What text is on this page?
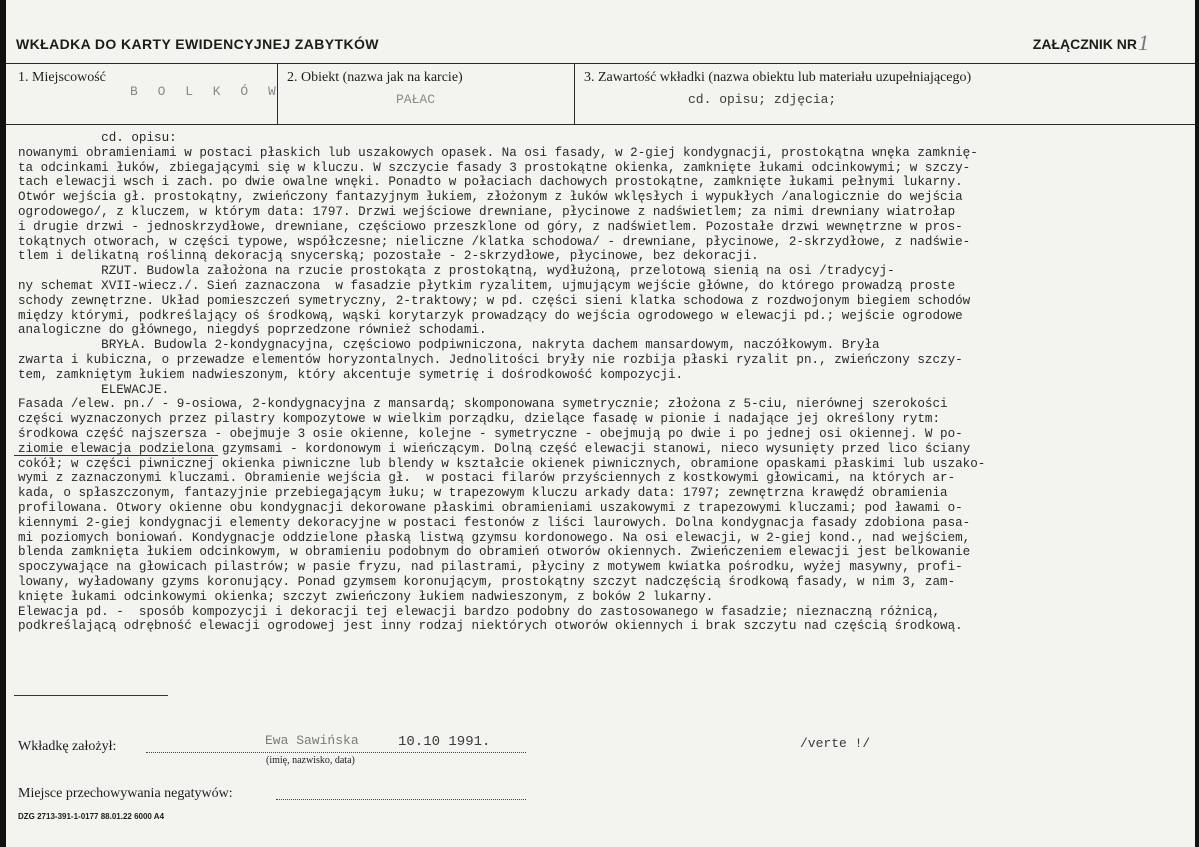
WKŁADKA DO KARTY EWIDENCYJNEJ ZABYTKÓW	ZAŁĄCZNIK NR 1
1. Miejscowość
B O L K Ó W
2. Obiekt (nazwa jak na karcie)
PAŁAC
3. Zawartość wkładki (nazwa obiektu lub materiału uzupełniającego)
cd. opisu; zdjęcia;
cd. opisu:
nowanymi obramieniami w postaci płaskich lub uszakowych opasek. Na osi fasady, w 2-giej kondygnacji, prostokątna wnęka zamknię-
ta odcinkami łuków, zbiegającymi się w kluczu. W szczycie fasady 3 prostokątne okienka, zamknięte łukami odcinkowymi; w szczy-
tach elewacji wsch i zach. po dwie owalne wnęki. Ponadto w połaciach dachowych prostokątne, zamknięte łukami pełnymi lukarny.
Otwór wejścia gł. prostokątny, zwieńczony fantazyjnym łukiem, złożonym z łuków wklęsłych i wypukłych /analogicznie do wejścia
ogrodowego/, z kluczem, w którym data: 1797. Drzwi wejściowe drewniane, płycinowe z nadświetlem; za nimi drewniany wiatrołap
i drugie drzwi - jednoskrzydłowe, drewniane, częściowo przeszklone od góry, z nadświetlem. Pozostałe drzwi wewnętrzne w pros-
tokątnych otworach, w części typowe, współczesne; nieliczne /klatka schodowa/ - drewniane, płycinowe, 2-skrzydłowe, z nadświe-
tlem i delikatną roślinną dekoracją snycerską; pozostałe - 2-skrzydłowe, płycinowe, bez dekoracji.
RZUT. Budowla założona na rzucie prostokąta z prostokątną, wydłużoną, przelotową sienią na osi /tradycyj-
ny schemat XVII-wiecz./. Sień zaznaczona  w fasadzie płytkim ryzalitem, ujmującym wejście główne, do którego prowadzą proste
schody zewnętrzne. Układ pomieszczeń symetryczny, 2-traktowy; w pd. części sieni klatka schodowa z rozdwojonym biegiem schodów
między którymi, podkreślający oś środkową, wąski korytarzyk prowadzący do wejścia ogrodowego w elewacji pd.; wejście ogrodowe
analogiczne do głównego, niegdyś poprzedzone również schodami.
BRYŁA. Budowla 2-kondygnacyjna, częściowo podpiwniczona, nakryta dachem mansardowym, naczółkowym. Bryła
zwarta i kubiczna, o przewadze elementów horyzontalnych. Jednolitości bryły nie rozbija płaski ryzalit pn., zwieńczony szczy-
tem, zamkniętym łukiem nadwieszonym, który akcentuje symetrię i dośrodkowość kompozycji.
ELEWACJE.
Fasada /elew. pn./ - 9-osiowa, 2-kondygnacyjna z mansardą; skomponowana symetrycznie; złożona z 5-ciu, nierównej szerokości
części wyznaczonych przez pilastry kompozytowe w wielkim porządku, dzielące fasadę w pionie i nadające jej określony rytm:
środkowa część najszersza - obejmuje 3 osie okienne, kolejne - symetryczne - obejmują po dwie i po jednej osi okiennej. W po-
ziomie elewacja podzielona gzymsami - kordonowym i wieńczącym. Dolną część elewacji stanowi, nieco wysunięty przed lico ściany
cokół; w części piwnicznej okienka piwniczne lub blendy w kształcie okienek piwnicznych, obramione opaskami płaskimi lub uszako-
wymi z zaznaczonymi kluczami. Obramienie wejścia gł.  w postaci filarów przyściennych z kostkowymi głowicami, na których ar-
kada, o spłaszczonym, fantazyjnie przebiegającym łuku; w trapezowym kluczu arkady data: 1797; zewnętrzna krawędź obramienia
profilowana. Otwory okienne obu kondygnacji dekorowane płaskimi obramieniami uszakowymi z trapezowymi kluczami; pod ławami o-
kiennymi 2-giej kondygnacji elementy dekoracyjne w postaci festonów z liści laurowych. Dolna kondygnacja fasady zdobiona pasa-
mi poziomych boniowań. Kondygnacje oddzielone płaską listwą gzymsu kordonowego. Na osi elewacji, w 2-giej kond., nad wejściem,
blenda zamknięta łukiem odcinkowym, w obramieniu podobnym do obramień otworów okiennych. Zwieńczeniem elewacji jest belkowanie
spoczywające na głowicach pilastrów; w pasie fryzu, nad pilastrami, płyciny z motywem kwiatka pośrodku, wyżej masywny, profi-
lowany, wyładowany gzyms koronujący. Ponad gzymsem koronującym, prostokątny szczyt nadczęścią środkową fasady, w nim 3, zam-
knięte łukami odcinkowymi okienka; szczyt zwieńczony łukiem nadwieszonym, z boków 2 lukarny.
Elewacja pd. -  sposób kompozycji i dekoracji tej elewacji bardzo podobny do zastosowanego w fasadzie; nieznaczną różnicą,
podkreślającą odrębność elewacji ogrodowej jest inny rodzaj niektórych otworów okiennych i brak szczytu nad częścią środkową.
Wkładkę założył:	Ewa Sawińska	10.10 1991.
(imię, nazwisko, data)
/verte !/
Miejsce przechowywania negatywów:
DZG 2713-391-1-0177 88.01.22 6000 A4
